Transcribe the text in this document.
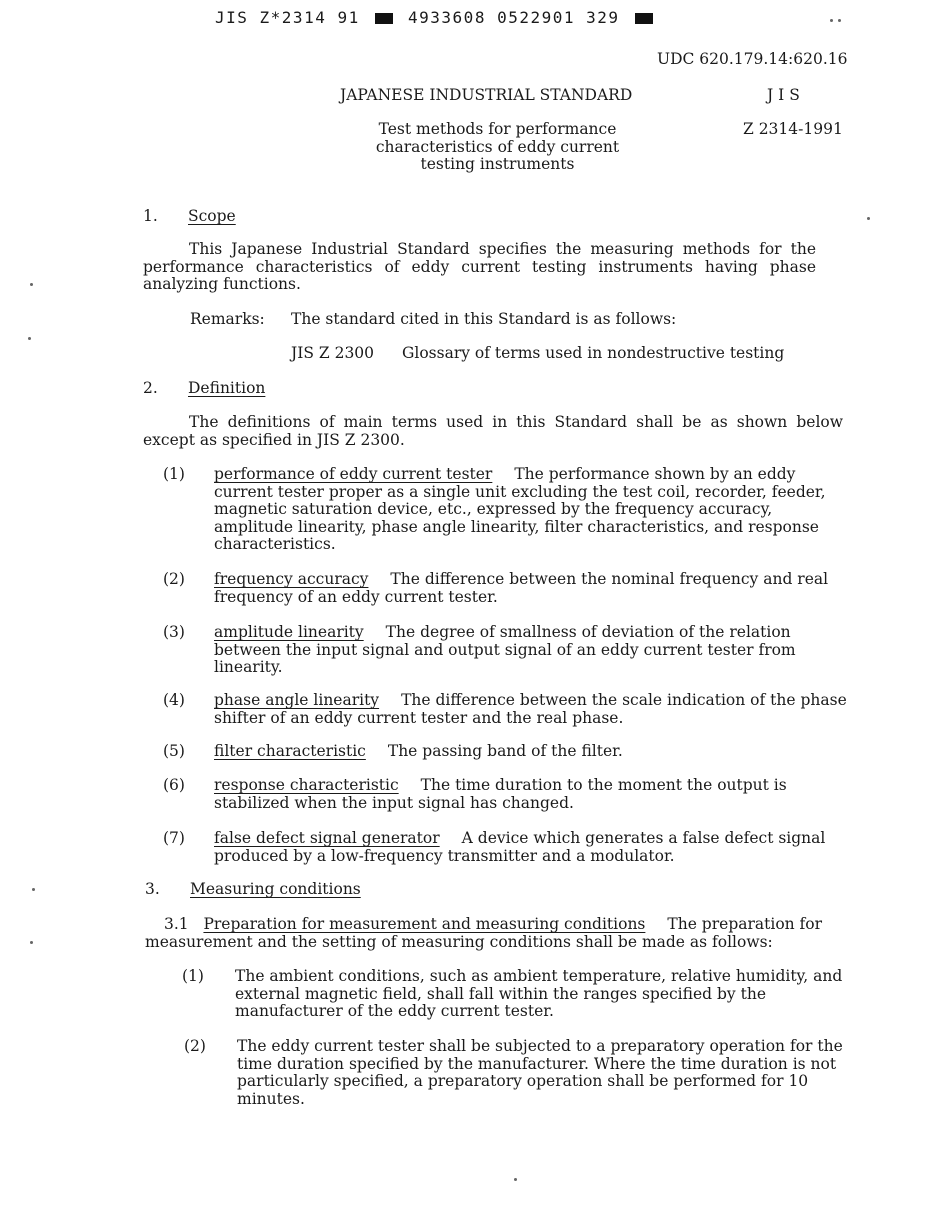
JIS Z*2314 91	4933608 0522901 329
UDC 620.179.14:620.16
JAPANESE INDUSTRIAL STANDARD	J I S
Test methods for performance
characteristics of eddy current
testing instruments
Z 2314-1991
1. Scope
This Japanese Industrial Standard specifies the measuring methods for the performance characteristics of eddy current testing instruments having phase analyzing functions.
Remarks: The standard cited in this Standard is as follows:
JIS Z 2300 Glossary of terms used in nondestructive testing
2. Definition
The definitions of main terms used in this Standard shall be as shown below except as specified in JIS Z 2300.
(1) performance of eddy current tester The performance shown by an eddy current tester proper as a single unit excluding the test coil, recorder, feeder, magnetic saturation device, etc., expressed by the frequency accuracy, amplitude linearity, phase angle linearity, filter characteristics, and response characteristics.
(2) frequency accuracy The difference between the nominal frequency and real frequency of an eddy current tester.
(3) amplitude linearity The degree of smallness of deviation of the relation between the input signal and output signal of an eddy current tester from linearity.
(4) phase angle linearity The difference between the scale indication of the phase shifter of an eddy current tester and the real phase.
(5) filter characteristic The passing band of the filter.
(6) response characteristic The time duration to the moment the output is stabilized when the input signal has changed.
(7) false defect signal generator A device which generates a false defect signal produced by a low-frequency transmitter and a modulator.
3. Measuring conditions
3.1 Preparation for measurement and measuring conditions The preparation for measurement and the setting of measuring conditions shall be made as follows:
(1) The ambient conditions, such as ambient temperature, relative humidity, and external magnetic field, shall fall within the ranges specified by the manufacturer of the eddy current tester.
(2) The eddy current tester shall be subjected to a preparatory operation for the time duration specified by the manufacturer. Where the time duration is not particularly specified, a preparatory operation shall be performed for 10 minutes.
